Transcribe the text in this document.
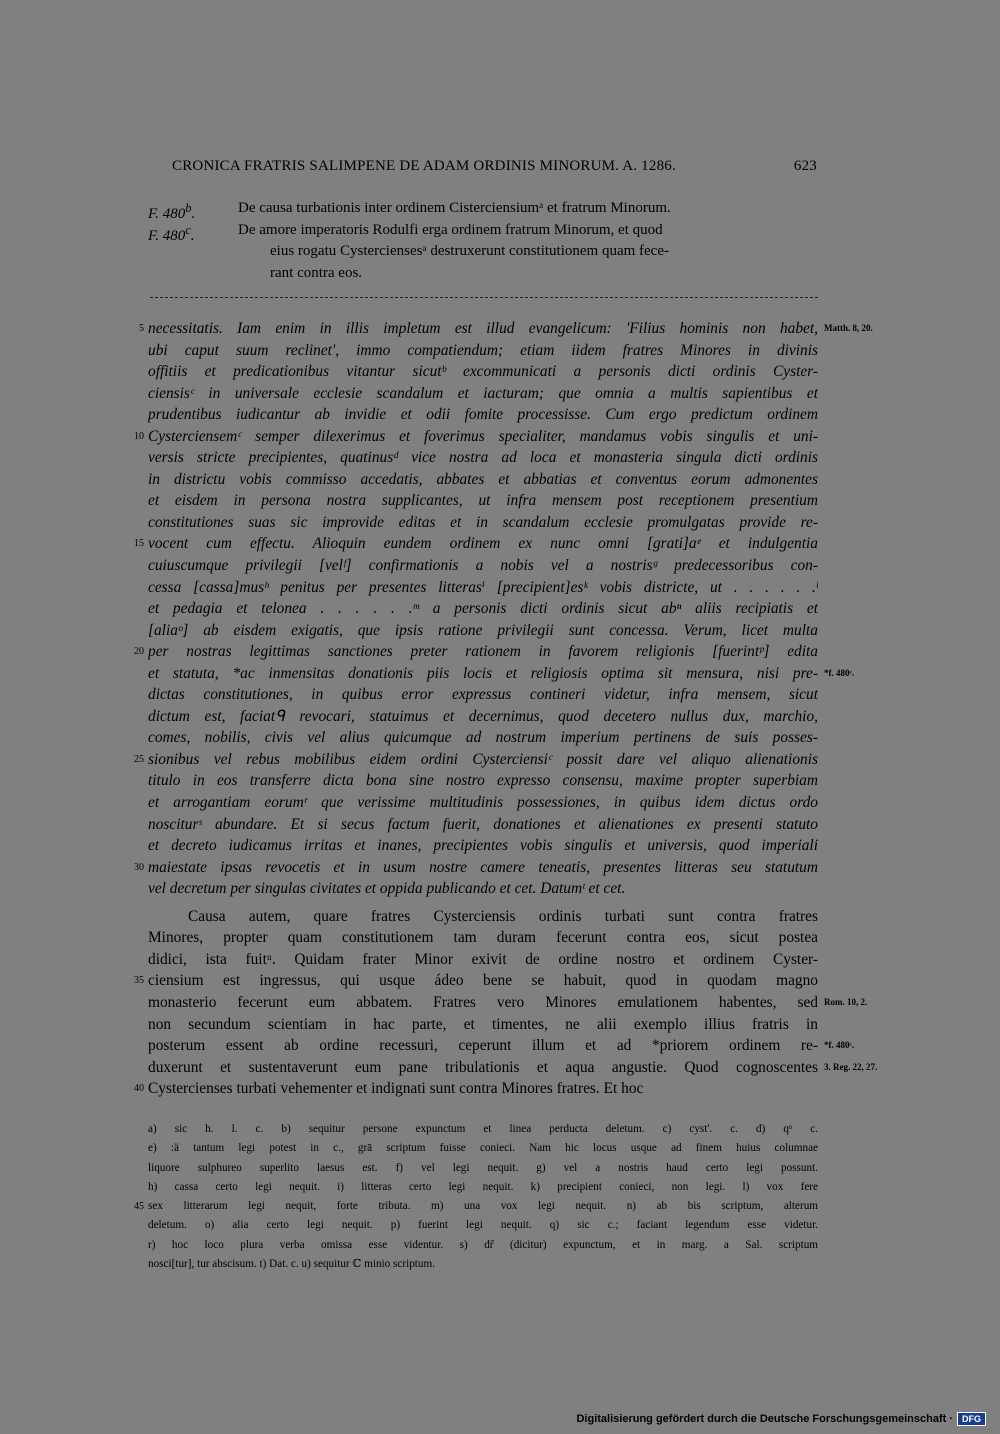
CRONICA FRATRIS SALIMPENE DE ADAM ORDINIS MINORUM. A. 1286.	623
F. 480$^b$.	De causa turbationis inter ordinem Cisterciensiumᵃ et fratrum Minorum.
F. 480$^c$.	De amore imperatoris Rodulfi erga ordinem fratrum Minorum, et quod
eius rogatu Cysterciensesᵃ destruxerunt constitutionem quam fece-
rant contra eos.
5 necessitatis. Iam enim in illis impletum est illud evangelicum: 'Filius hominis non habet, Matth. 8, 20.
ubi caput suum reclinet', immo compatiendum; etiam iidem fratres Minores in divinis
offitiis et predicationibus vitantur sicutᵇ excommunicati a personis dicti ordinis Cyster-
ciensisᶜ in universale ecclesie scandalum et iacturam; que omnia a multis sapientibus et
prudentibus iudicantur ab invidie et odii fomite processisse. Cum ergo predictum ordinem
10 Cysterciensemᶜ semper dilexerimus et foverimus specialiter, mandamus vobis singulis et uni-
versis stricte precipientes, quatinusᵈ vice nostra ad loca et monasteria singula dicti ordinis
in districtu vobis commisso accedatis, abbates et abbatias et conventus eorum admonentes
et eisdem in persona nostra supplicantes, ut infra mensem post receptionem presentium
constitutiones suas sic improvide editas et in scandalum ecclesie promulgatas provide re-
15 vocent cum effectu. Alioquin eundem ordinem ex nunc omni [grati]aᵉ et indulgentia
cuiuscumque privilegii [velᶠ] confirmationis a nobis vel a nostrisᵍ predecessoribus con-
cessa [cassa]musʰ penitus per presentes litterasⁱ [precipient]esᵏ vobis districte, ut . . . . . .ˡ
et pedagia et telonea . . . . . .ᵐ a personis dicti ordinis sicut abⁿ aliis recipiatis et
[aliaᵒ] ab eisdem exigatis, que ipsis ratione privilegii sunt concessa. Verum, licet multa
20 per nostras legittimas sanctiones preter rationem in favorem religionis [fuerintᵖ] edita
et statuta, *ac inmensitas donationis piis locis et religiosis optima sit mensura, nisi pre- *f. 480ᶜ.
dictas constitutiones, in quibus error expressus contineri videtur, infra mensem, sicut
dictum est, faciatᑫ revocari, statuimus et decernimus, quod decetero nullus dux, marchio,
comes, nobilis, civis vel alius quicumque ad nostrum imperium pertinens de suis posses-
25 sionibus vel rebus mobilibus eidem ordini Cysterciensiᶜ possit dare vel aliquo alienationis
titulo in eos transferre dicta bona sine nostro expresso consensu, maxime propter superbiam
et arrogantiam eorumʳ que verissime multitudinis possessiones, in quibus idem dictus ordo
nosciturˢ abundare. Et si secus factum fuerit, donationes et alienationes ex presenti statuto
et decreto iudicamus irritas et inanes, precipientes vobis singulis et universis, quod imperiali
30 maiestate ipsas revocetis et in usum nostre camere teneatis, presentes litteras seu statutum
vel decretum per singulas civitates et oppida publicando et cet. Datumᵗ et cet.
Causa autem, quare fratres Cysterciensis ordinis turbati sunt contra fratres
Minores, propter quam constitutionem tam duram fecerunt contra eos, sicut postea
didici, ista fuitᵘ. Quidam frater Minor exivit de ordine nostro et ordinem Cyster-
35 ciensium est ingressus, qui usque ádeo bene se habuit, quod in quodam magno
monasterio fecerunt eum abbatem. Fratres vero Minores emulationem habentes, sed Rom. 10, 2.
non secundum scientiam in hac parte, et timentes, ne alii exemplo illius fratris in
posterum essent ab ordine recessuri, ceperunt illum et ad *priorem ordinem re- *f. 480ᶜ.
duxerunt et sustentaverunt eum pane tribulationis et aqua angustie. Quod cognoscentes 3. Reg. 22, 27.
40 Cystercienses turbati vehementer et indignati sunt contra Minores fratres. Et hoc
a) sic h. l. c. b) sequitur persone expunctum et linea perducta deletum. c) cyst'. c. d) qᵒ c.
e) :ä tantum legi potest in c., grā scriptum fuisse conieci. Nam hic locus usque ad finem huius columnae
liquore sulphureo superlito laesus est. f) vel legi nequit. g) vel a nostris haud certo legi possunt.
h) cassa certo legi nequit. i) litteras certo legi nequit. k) precipient conieci, non legi. l) vox fere
45 sex litterarum legi nequit, forte tributa. m) una vox legi nequit. n) ab bis scriptum, alterum
deletum. o) alia certo legi nequit. p) fuerint legi nequit. q) sic c.; faciant legendum esse videtur.
r) hoc loco plura verba omissa esse videntur. s) dr̃ (dicitur) expunctum, et in marg. a Sal. scriptum
nosci[tur], tur abscisum. t) Dat. c. u) sequitur ℂ minio scriptum.
Digitalisierung gefördert durch die Deutsche Forschungsgemeinschaft ·	DFG
